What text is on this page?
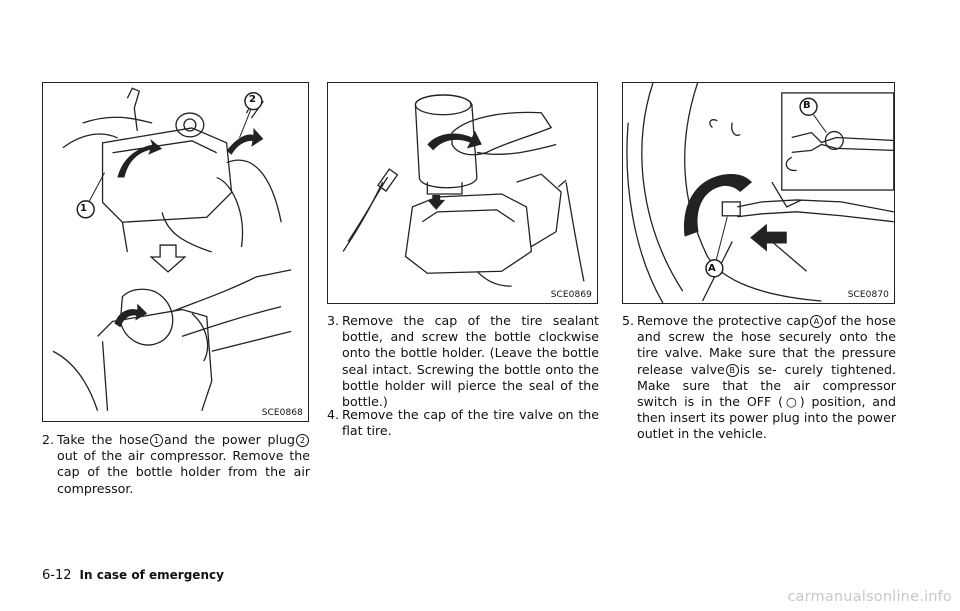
1
2
SCE0868
SCE0869
A
B
SCE0870
2. Take the hose 1 and the power plug 2out of the air compressor. Remove the cap of the bottle holder from the air compressor.
3. Remove the cap of the tire sealant bottle, and screw the bottle clockwise onto the bottle holder. (Leave the bottle seal intact. Screwing the bottle onto the bottle holder will pierce the seal of the bottle.)
4. Remove the cap of the tire valve on the flat tire.
5. Remove the protective cap A of the hose and screw the hose securely onto the tire valve. Make sure that the pressure release valve B is se- curely tightened. Make sure that the air compressor switch is in the OFF (○) position, and then insert its power plug into the power outlet in the vehicle.
6-12 In case of emergency
carmanualsonline.info
